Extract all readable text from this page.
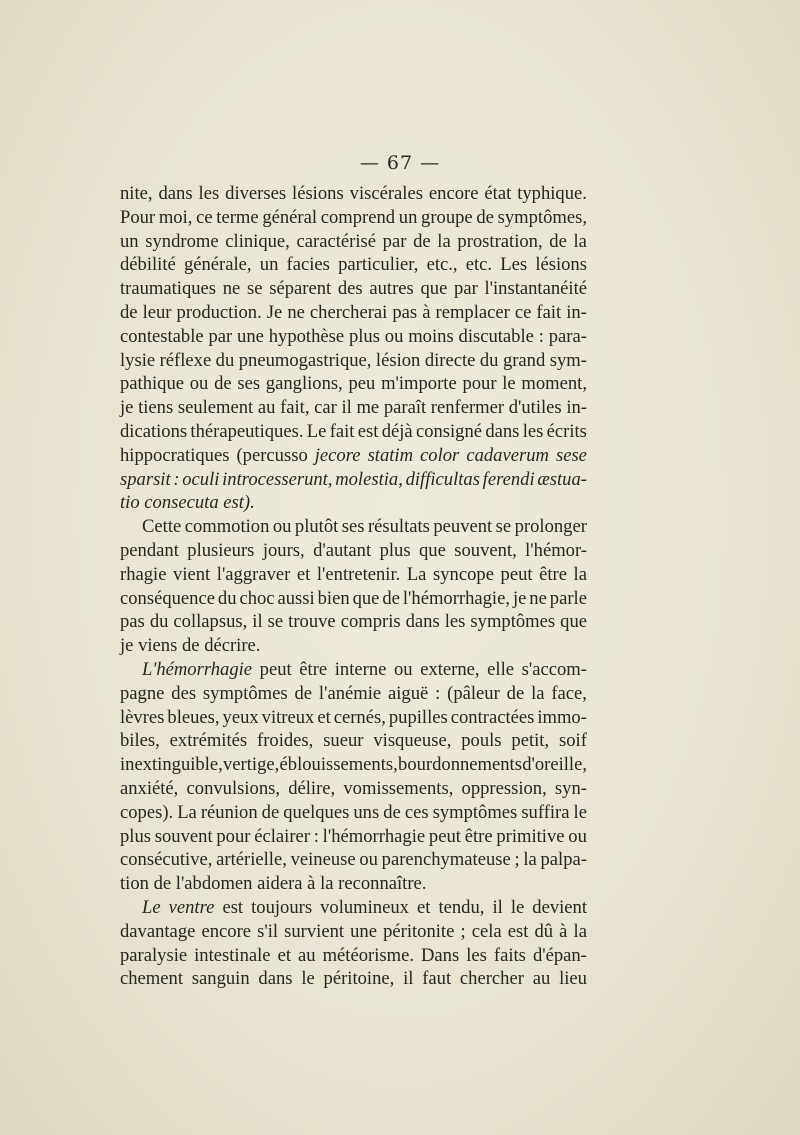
— 67 —
nite, dans les diverses lésions viscérales encore état typhique.
Pour moi, ce terme général comprend un groupe de symptômes,
un syndrome clinique, caractérisé par de la prostration, de la
débilité générale, un facies particulier, etc., etc. Les lésions
traumatiques ne se séparent des autres que par l'instantanéité
de leur production. Je ne chercherai pas à remplacer ce fait in-
contestable par une hypothèse plus ou moins discutable : para-
lysie réflexe du pneumogastrique, lésion directe du grand sym-
pathique ou de ses ganglions, peu m'importe pour le moment,
je tiens seulement au fait, car il me paraît renfermer d'utiles in-
dications thérapeutiques. Le fait est déjà consigné dans les écrits
hippocratiques (percusso jecore statim color cadaverum sese
sparsit : oculi introcesserunt, molestia, difficultas ferendi æstua-
tio consecuta est).
Cette commotion ou plutôt ses résultats peuvent se prolonger
pendant plusieurs jours, d'autant plus que souvent, l'hémor-
rhagie vient l'aggraver et l'entretenir. La syncope peut être la
conséquence du choc aussi bien que de l'hémorrhagie, je ne parle
pas du collapsus, il se trouve compris dans les symptômes que
je viens de décrire.
L'hémorrhagie peut être interne ou externe, elle s'accom-
pagne des symptômes de l'anémie aiguë : (pâleur de la face,
lèvres bleues, yeux vitreux et cernés, pupilles contractées immo-
biles, extrémités froides, sueur visqueuse, pouls petit, soif
inextinguible, vertige, éblouissements, bourdonnements d'oreille,
anxiété, convulsions, délire, vomissements, oppression, syn-
copes). La réunion de quelques uns de ces symptômes suffira le
plus souvent pour éclairer : l'hémorrhagie peut être primitive ou
consécutive, artérielle, veineuse ou parenchymateuse ; la palpa-
tion de l'abdomen aidera à la reconnaître.
Le ventre est toujours volumineux et tendu, il le devient
davantage encore s'il survient une péritonite ; cela est dû à la
paralysie intestinale et au météorisme. Dans les faits d'épan-
chement sanguin dans le péritoine, il faut chercher au lieu
